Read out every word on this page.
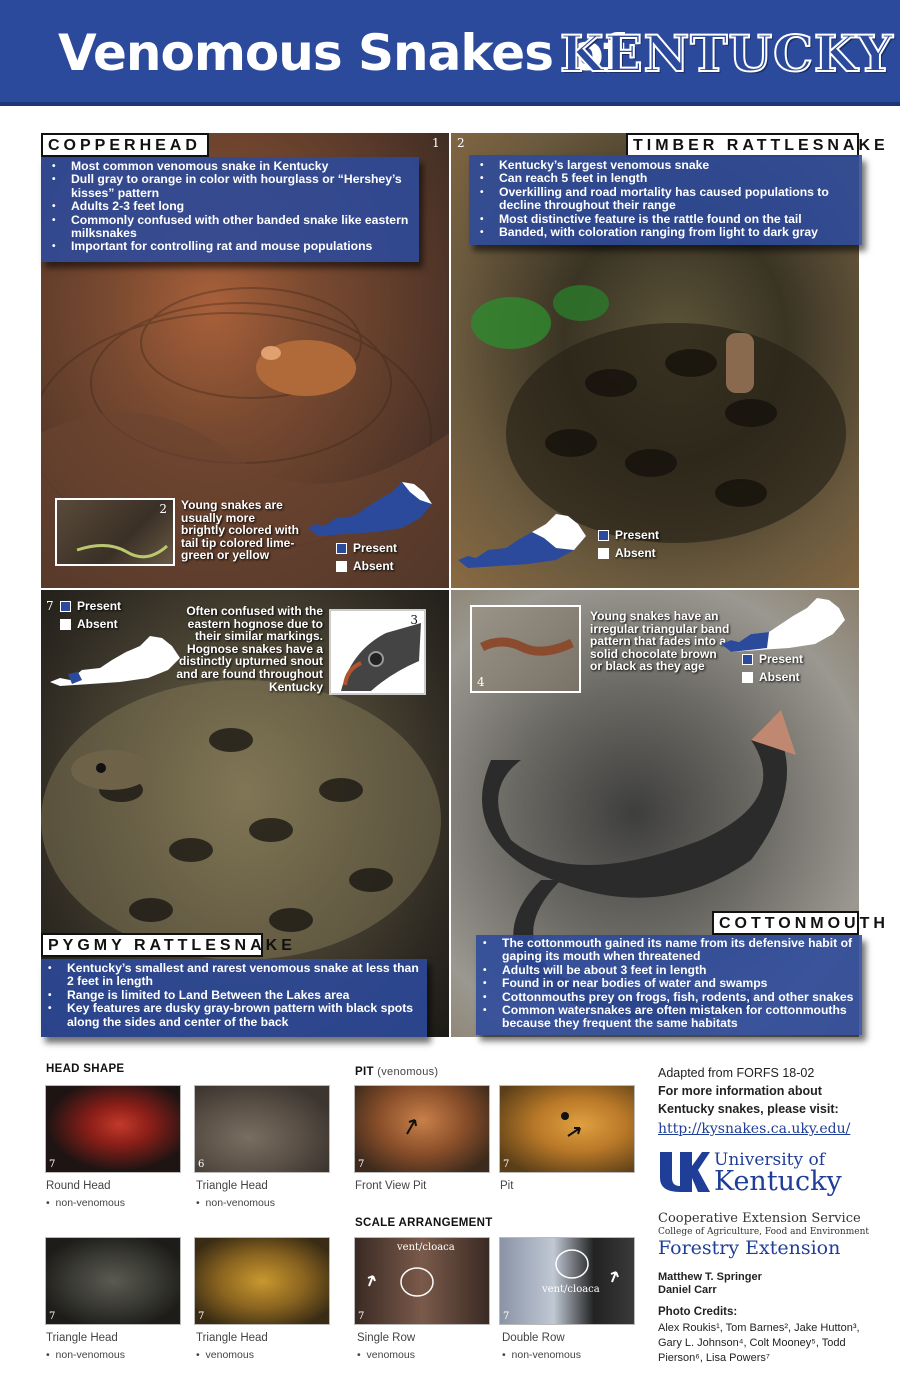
Venomous Snakes of
KENTUCKY
1
COPPERHEAD
• Most common venomous snake in Kentucky
• Dull gray to orange in color with hourglass or “Hershey’s kisses” pattern
• Adults 2-3 feet long
• Commonly confused with other banded snake like eastern milksnakes
• Important for controlling rat and mouse populations
2 Young snakes are usually more brightly colored with tail tip colored lime-green or yellow	Present
Absent
2	TIMBER RATTLESNAKE
• Kentucky’s largest venomous snake
• Can reach 5 feet in length
• Overkilling and road mortality has caused populations to decline throughout their range
• Most distinctive feature is the rattle found on the tail
• Banded, with coloration ranging from light to dark gray
Present
Absent
7 Present
Absent
Often confused with the eastern hognose due to their similar markings. Hognose snakes have a distinctly upturned snout and are found throughout Kentucky
3
PYGMY RATTLESNAKE
• Kentucky’s smallest and rarest venomous snake at less than 2 feet in length
• Range is limited to Land Between the Lakes area
• Key features are dusky gray-brown pattern with black spots along the sides and center of the back
4
Young snakes have an irregular triangular band pattern that fades into a solid chocolate brown or black as they age	Present
Absent
COTTONMOUTH
• The cottonmouth gained its name from its defensive habit of gaping its mouth when threatened
• Adults will be about 3 feet in length
• Found in or near bodies of water and swamps
• Cottonmouths prey on frogs, fish, rodents, and other snakes
• Common watersnakes are often mistaken for cottonmouths because they frequent the same habitats
HEAD SHAPE
7
Round Head
•  non-venomous
6
Triangle Head
•  non-venomous
7
Triangle Head
•  non-venomous
7
Triangle Head
•  venomous
PIT (venomous)
7
Front View Pit
7
Pit
SCALE ARRANGEMENT
vent/cloaca
7
Single Row
•  venomous
vent/cloaca
7
Double Row
•  non-venomous
Adapted from FORFS 18-02
For more information about Kentucky snakes, please visit:
http://kysnakes.ca.uky.edu/
University of
Kentucky
Cooperative Extension Service
College of Agriculture, Food and Environment
Forestry Extension
Matthew T. Springer
Daniel Carr
Photo Credits:
Alex Roukis¹, Tom Barnes², Jake Hutton³,
Gary L. Johnson⁴, Colt Mooney⁵, Todd
Pierson⁶, Lisa Powers⁷
